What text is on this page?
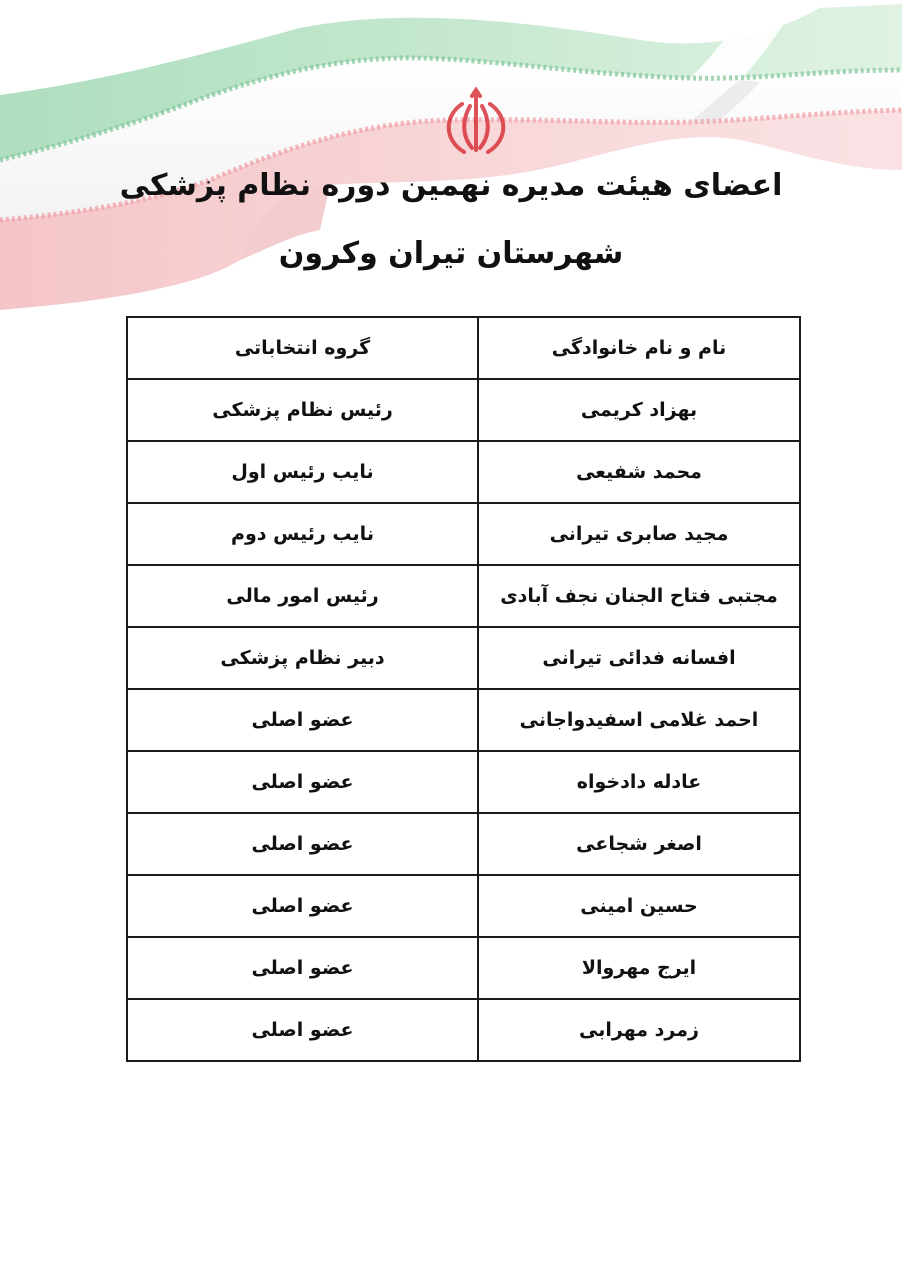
اعضای هیئت مدیره نهمین دوره نظام پزشکی
شهرستان تیران وکرون
نام و نام خانوادگی	گروه انتخاباتی
بهزاد کریمی	رئیس نظام پزشکی
محمد شفیعی	نایب رئیس اول
مجید صابری تیرانی	نایب رئیس دوم
مجتبی فتاح الجنان نجف آبادی	رئیس امور مالی
افسانه فدائی تیرانی	دبیر نظام پزشکی
احمد غلامی اسفیدواجانی	عضو اصلی
عادله دادخواه	عضو اصلی
اصغر شجاعی	عضو اصلی
حسین امینی	عضو اصلی
ایرج مهروالا	عضو اصلی
زمرد مهرابی	عضو اصلی
